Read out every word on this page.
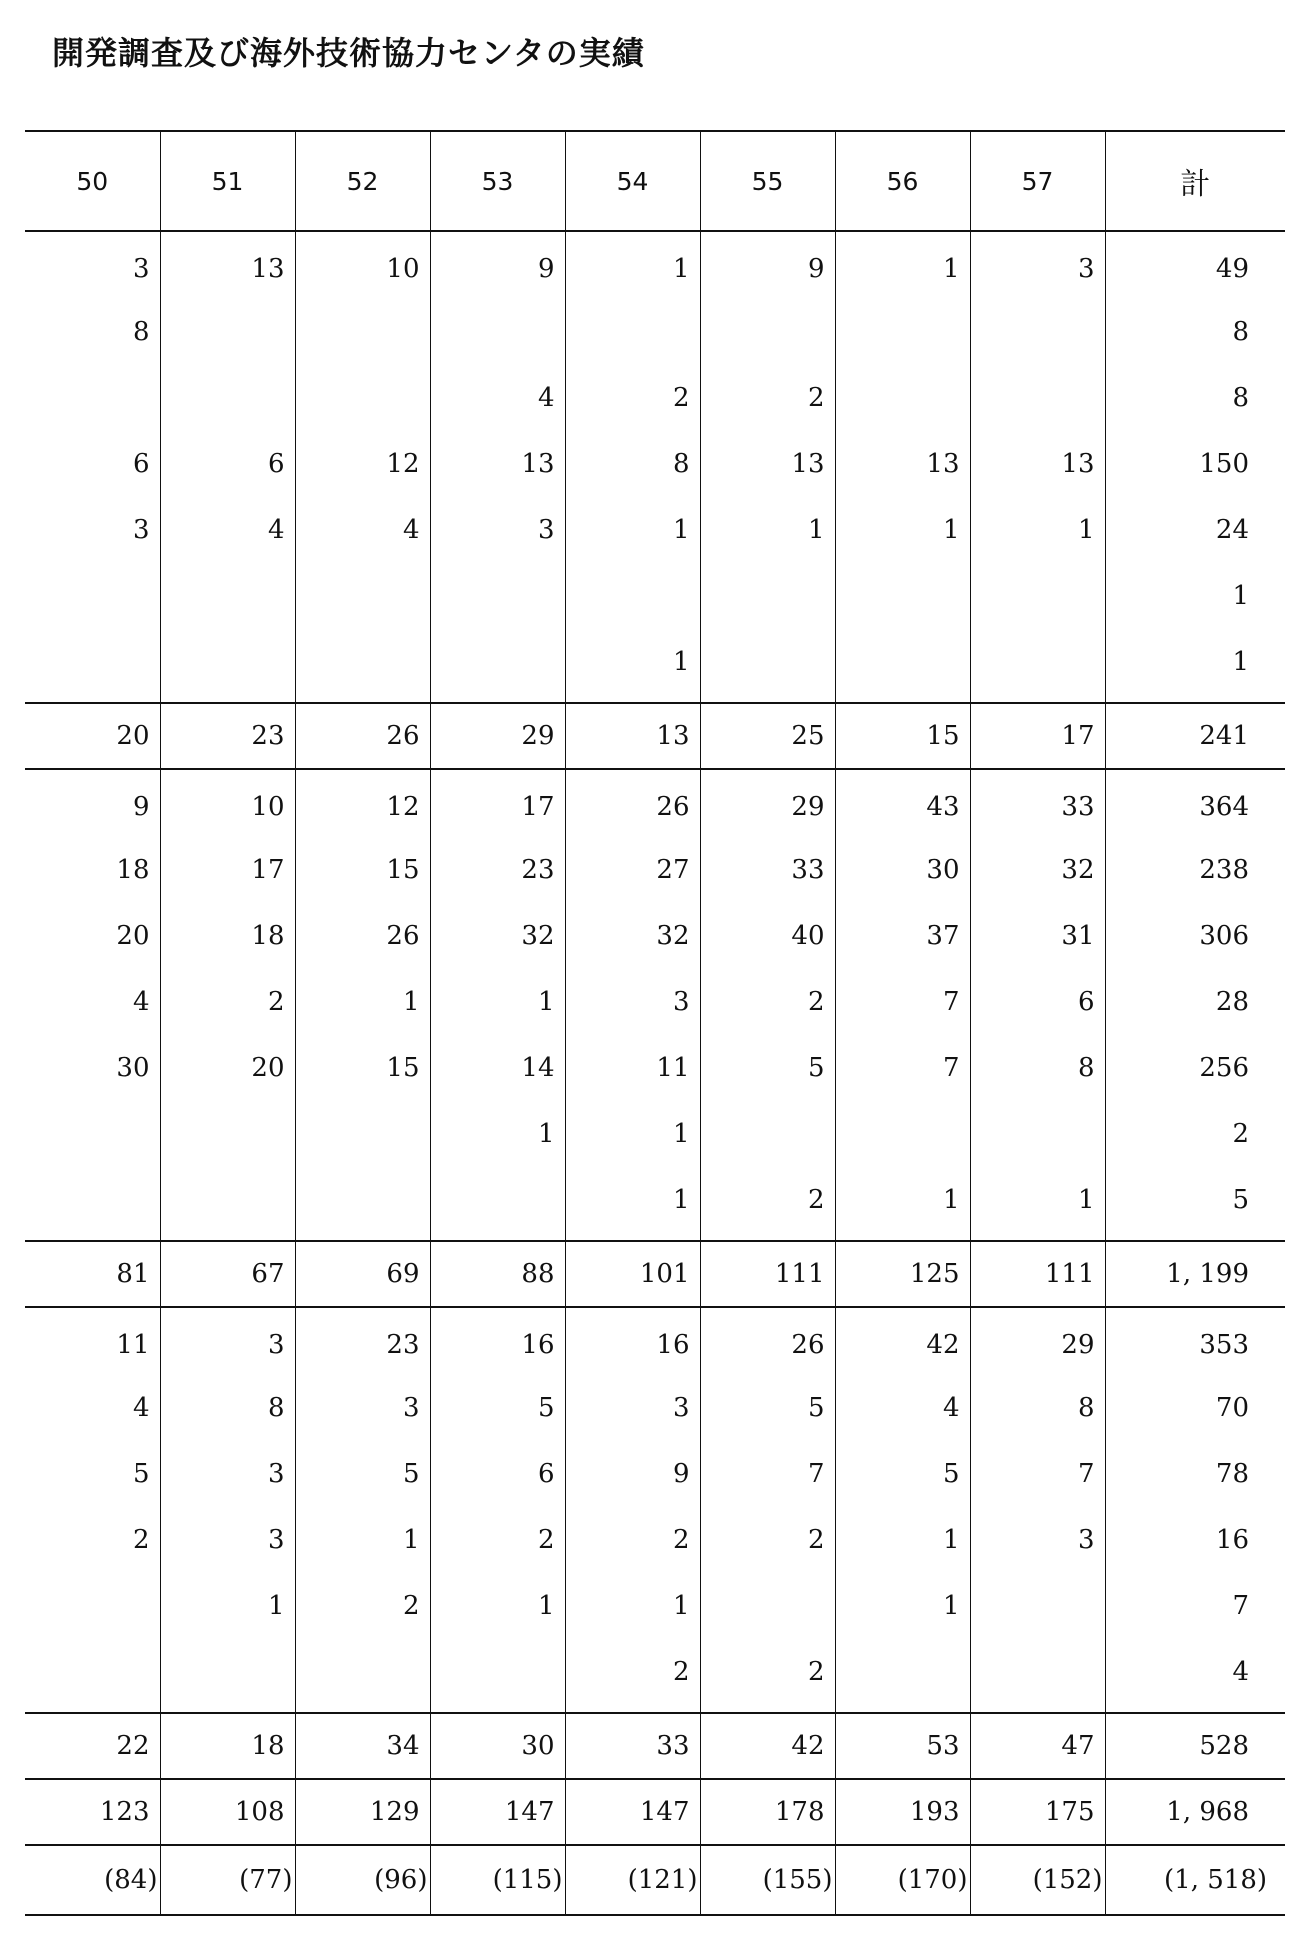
開発調査及び海外技術協力センタの実績
50	51	52	53	54	55	56	57	計
3	13	10	9	1	9	1	3	49
8								8
			4	2	2			8
6	6	12	13	8	13	13	13	150
3	4	4	3	1	1	1	1	24
								1
				1				1
20	23	26	29	13	25	15	17	241
9	10	12	17	26	29	43	33	364
18	17	15	23	27	33	30	32	238
20	18	26	32	32	40	37	31	306
4	2	1	1	3	2	7	6	28
30	20	15	14	11	5	7	8	256
			1	1				2
				1	2	1	1	5
81	67	69	88	101	111	125	111	1, 199
11	3	23	16	16	26	42	29	353
4	8	3	5	3	5	4	8	70
5	3	5	6	9	7	5	7	78
2	3	1	2	2	2	1	3	16
	1	2	1	1		1		7
				2	2			4
22	18	34	30	33	42	53	47	528
123	108	129	147	147	178	193	175	1, 968
(84)	(77)	(96)	(115)	(121)	(155)	(170)	(152)	(1, 518)
